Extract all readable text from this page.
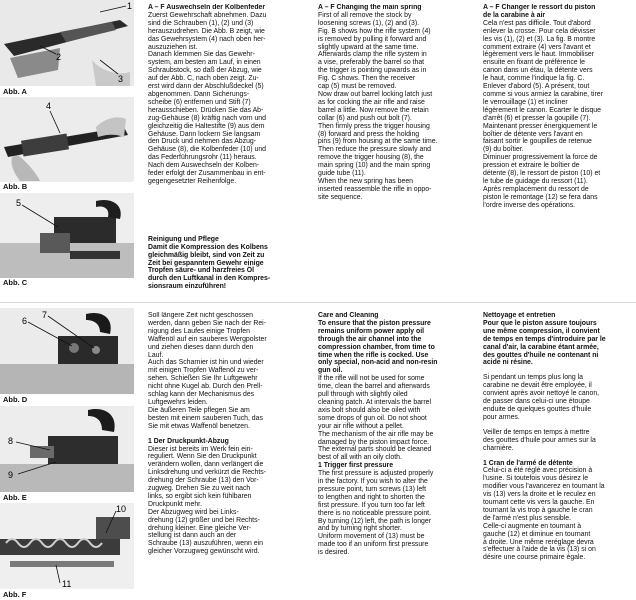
1
2
3
Abb. A
4
Abb. B
5
Abb. C
6
7
Abb. D
8
9
Abb. E
10
11
Abb. F

A – F Auswechseln der Kolbenfeder

Zuerst Gewehrschaft abnehmen. Dazu
sind die Schrauben (1), (2) und (3)
herauszudrehen. Die Abb. B zeigt, wie
das Gewehrsystem (4) nach oben her-
auszuziehen ist.
Danach klemmen Sie das Gewehr-
system, am besten am Lauf, in einen
Schraubstock, so daß der Abzug, wie
auf der Abb. C, nach oben zeigt. Zu-
erst wird dann der Abschlußdeckel (5)
abgenommen. Dann Sicherungs-
scheibe (6) entfernen und Stift (7)
herausschieben. Drücken Sie das Ab-
zug-Gehäuse (8) kräftig nach vorn und
gleichzeitig die Haltestifte (9) aus dem
Gehäuse. Dann lockern Sie langsam
den Druck und nehmen das Abzug-
Gehäuse (8), die Kolbenfeder (10) und
das Federführungsrohr (11) heraus.
Nach dem Auswechseln der Kolben-
feder erfolgt der Zusammenbau in ent-
gegengesetzter Reihenfolge.

Reinigung und Pflege

Damit die Kompression des Kolbens
gleichmäßig bleibt, sind von Zeit zu
Zeit bei gespanntem Gewehr einige
Tropfen säure- und harzfreies Öl
durch den Luftkanal in den Kompres-
sionsraum einzuführen!

A – F Changing the main spring

First of all remove the stock by
loosening screws (1), (2) and (3).
Fig. B shows how the rifle system (4)
is removed by pulling it forward and
slightly upward at the same time.
Afterwards clamp the rifle system in
a vise, preferably the barrel so that
the trigger is pointing upwards as in
Fig. C shows. Then the receiver
cap (5) must be removed.
Now draw out barrel locking latch just
as for cocking the air rifle and raise
barrel a little. Now remove the retain
collar (6) and push out bolt (7).
Then firmly press the trigger housing
(8) forward and press the holding
pins (9) from housing at the same time.
Then reduce the pressure slowly and
remove the trigger housing (8), the
main spring (10) and the main spring
guide tube (11).
When the new spring has been
inserted reassemble the rifle in oppo-
site sequence.

A – F Changer le ressort du piston
de la carabine à air

Cela n'est pas difficile. Tout d'abord
enlever la crosse. Pour cela dévisser
les vis (1), (2) et (3). La fig. B montre
comment extraire (4) vers l'avant et
légèrement vers le haut. Immobiliser
ensuite en fixant de préférence le
canon dans un étau, la détente vers
le haut, comme l'indique la fig. C.
Enlever d'abord (5). A présent, tout
comme si vous armiez la carabine, tirer
le verrouillage (1) et incliner
légèrement le canon. Ecarter le disque
d'arrêt (6) et presser la goupille (7).
Maintenant presser énergiquement le
boîtier de détente vers l'avant en
faisant sortir le goupilles de retenue
(9) du boîtier.
Diminuer progressivement la force de
pression et extraire le boîtier de
détente (8), le ressort de piston (10) et
le tube de guidage du ressort (11).
Après remplacement du ressort de
piston le remontage (12) se fera dans
l'ordre inverse des opérations.

Soll längere Zeit nicht geschossen
werden, dann geben Sie nach der Rei-
nigung des Laufes einige Tropfen
Waffenöl auf ein sauberes Wergpolster
und ziehen dieses dann durch den
Lauf.
Auch das Scharnier ist hin und wieder
mit einigen Tropfen Waffenöl zu ver-
sehen. Schießen Sie Ihr Luftgewehr
nicht ohne Kugel ab. Durch den Prell-
schlag kann der Mechanismus des
Luftgewehrs leiden.
Die äußeren Teile pflegen Sie am
besten mit einem sauberen Tuch, das
Sie mit etwas Waffenöl benetzen.

1 Der Druckpunkt-Abzug

Dieser ist bereits im Werk fein ein-
reguliert. Wenn Sie den Druckpunkt
verändern wollen, dann verlängert die
Linksdrehung und verkürzt die Rechts-
drehung der Schraube (13) den Vor-
zugweg. Drehen Sie zu weit nach
links, so ergibt sich kein fühlbaren
Druckpunkt mehr.
Der Abzugweg wird bei Links-
drehung (12) größer und bei Rechts-
drehung kleiner. Eine gleiche Ver-
stellung ist dann auch an der
Schraube (13) auszuführen, wenn ein
gleicher Vorzugweg gewünscht wird.

Care and Cleaning

To ensure that the piston pressure
remains uniform power apply oil
through the air channel into the
compression chamber, from time to
time when the rifle is cocked. Use
only special, non-acid and non-resin
gun oil.

If the rifle will not be used for some
time, clean the barrel and afterwards
pull through with slightly oiled
cleaning patch. At intervals the barrel
axis bolt should also be oiled with
some drops of gun oil. Do not shoot
your air rifle without a pellet.
The mechanism of the air rifle may be
damaged by the piston impact force.
The external parts should be cleaned
best of all with an oily cloth.

1 Trigger first pressure

The first pressure is adjusted properly
in the factory. If you wish to alter the
pressure point, turn screws (13) left
to lengthen and right to shorten the
first pressure. If you turn too far left
there is no noticeable pressure point.
By turning (12) left, the path is longer
and by turning right shorter.
Uniform movement of (13) must be
made too if an uniform first pressure
is desired.

Nettoyage et entretien

Pour que le piston assure toujours
une même compression, il convient
de temps en temps d'introduire par le
canal d'air, la carabine étant armée,
des gouttes d'huile ne contenant ni
acide ni résine.

Si pendant un temps plus long la
carabine ne devait être employée, il
convient après avoir nettoyé le canon,
de passer dans celui-ci une étoupe
enduite de quelques gouttes d'huile
pour armes.

Veiller de temps en temps à mettre
des gouttes d'huile pour armes sur la
charnière.

1 Cran de l'armé de détente

Celui-ci a été réglé avec précision à
l'usine. Si toutefois vous désirez le
modifier vous l'avancerez en tournant la
vis (13) vers la droite et le reculez en
tournant cette vis vers la gauche. En
tournant la vis trop à gauche le cran
de l'armé n'est plus sensible.
Celle-ci augmente en tournant à
gauche (12) et diminue en tournant
à droite. Une même reréglage devra
s'effectuer à l'aide de la vis (13) si on
désire une course primaire égale.
